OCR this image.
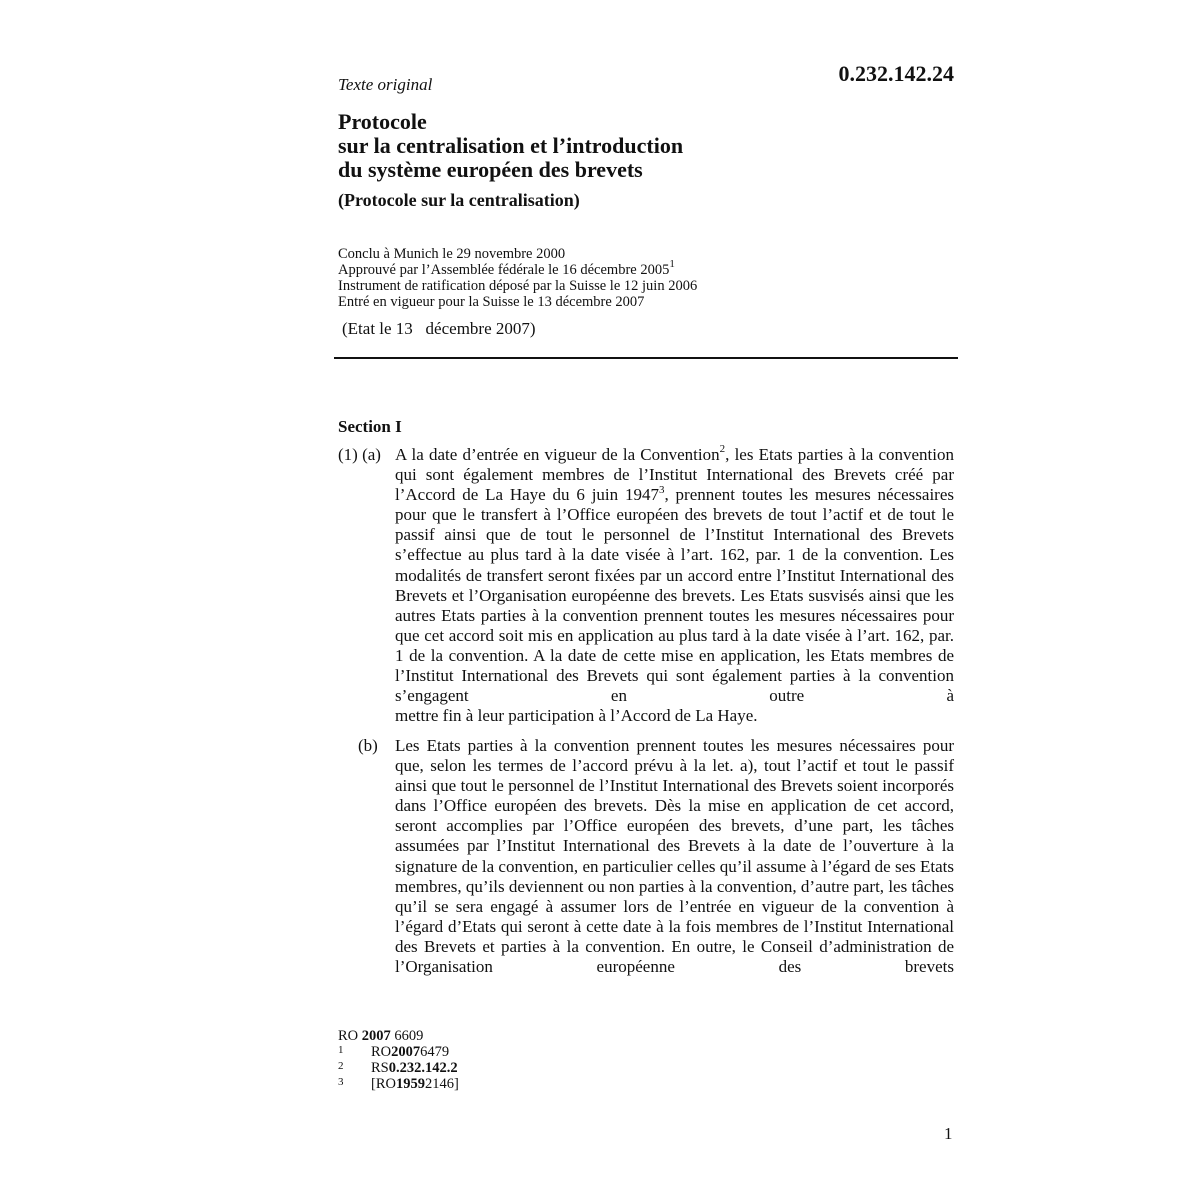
Texte original	0.232.142.24
Protocole
sur la centralisation et l’introduction
du système européen des brevets
(Protocole sur la centralisation)
Conclu à Munich le 29 novembre 2000
Approuvé par l’Assemblée fédérale le 16 décembre 2005$^1$
Instrument de ratification déposé par la Suisse le 12 juin 2006
Entré en vigueur pour la Suisse le 13 décembre 2007
(Etat le 13   décembre 2007)
Section I
(1) (a) A la date d’entrée en vigueur de la Convention$^2$, les Etats parties à la convention qui sont également membres de l’Institut International des Brevets créé par l’Accord de La Haye du 6 juin 1947$^3$, prennent toutes les mesures nécessaires pour que le transfert à l’Office européen des brevets de tout l’actif et de tout le passif ainsi que de tout le personnel de l’Institut International des Brevets s’effectue au plus tard à la date visée à l’art. 162, par. 1 de la convention. Les modalités de transfert seront fixées par un accord entre l’Institut International des Brevets et l’Organisation européenne des brevets. Les Etats susvisés ainsi que les autres Etats parties à la convention prennent toutes les mesures nécessaires pour que cet accord soit mis en application au plus tard à la date visée à l’art. 162, par. 1 de la convention. A la date de cette mise en application, les Etats membres de l’Institut International des Brevets qui sont également parties à la convention s’engagent en outre à
mettre fin à leur participation à l’Accord de La Haye.
(b) Les Etats parties à la convention prennent toutes les mesures nécessaires pour que, selon les termes de l’accord prévu à la let. a), tout l’actif et tout le passif ainsi que tout le personnel de l’Institut International des Brevets soient incorporés dans l’Office européen des brevets. Dès la mise en application de cet accord, seront accomplies par l’Office européen des brevets, d’une part, les tâches assumées par l’Institut International des Brevets à la date de l’ouverture à la signature de la convention, en particulier celles qu’il assume à l’égard de ses Etats membres, qu’ils deviennent ou non parties à la convention, d’autre part, les tâches qu’il se sera engagé à assumer lors de l’entrée en vigueur de la convention à l’égard d’Etats qui seront à cette date à la fois membres de l’Institut International des Brevets et parties à la convention. En outre, le Conseil d’administration de l’Organisation européenne des brevets
RO 2007 6609
1	RO 2007 6479
2	RS 0.232.142.2
3	[RO 1959 2146]
1
